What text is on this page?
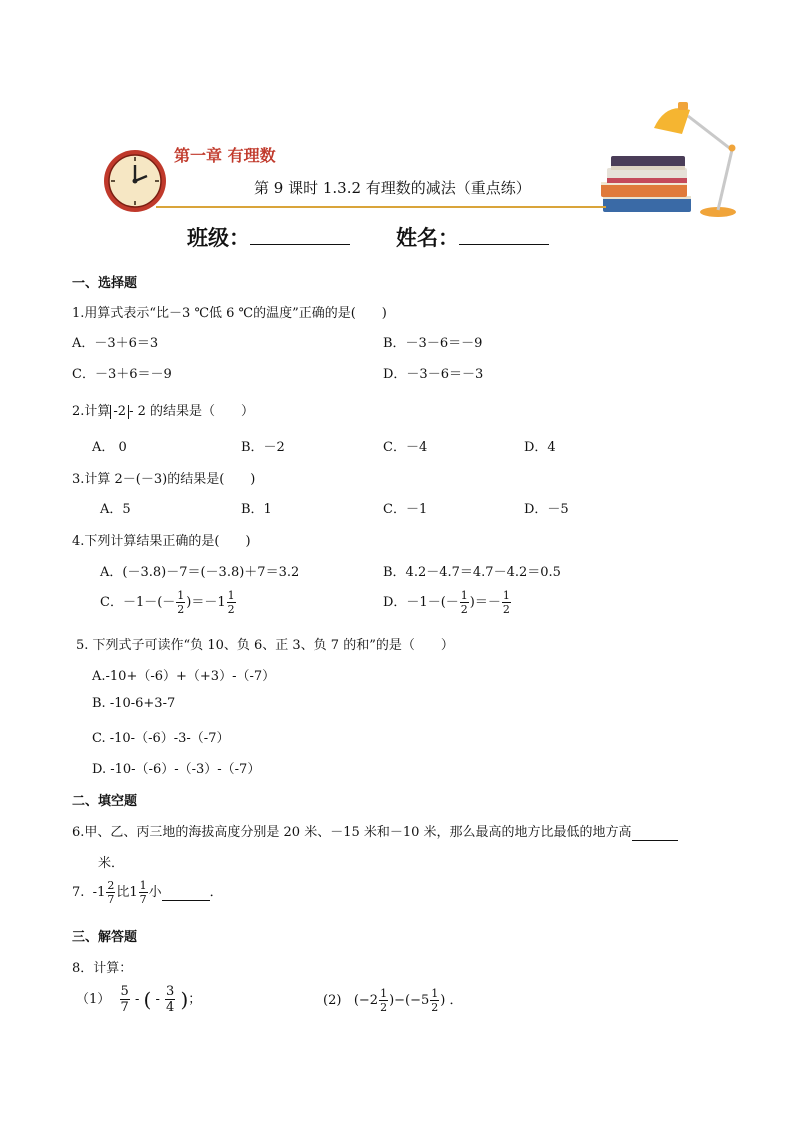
第一章 有理数
第 9 课时 1.3.2 有理数的减法（重点练）
班级：	姓名：
一、选择题
1.用算式表示“比－3 ℃低 6 ℃的温度”正确的是(　　)
A．－3＋6＝3	B．－3－6＝－9
C．－3＋6＝－9	D．－3－6＝－3
2.计算 -2 - 2 的结果是（　　）
A． 0	B．－2	C．－4	D．4
3.计算 2－(－3)的结果是(　　)
A．5	B．1	C．－1	D．－5
4.下列计算结果正确的是(　　)
A．(－3.8)－7＝(－3.8)＋7＝3.2	B．4.2－4.7＝4.7－4.2＝0.5
C．$-1-(- \frac{1}{2} )=-1 \frac{1}{2}$	D．$-1-(- \frac{1}{2}$ )＝－ $\frac{1}{2}$
5. 下列式子可读作“负 10、负 6、正 3、负 7 的和”的是（　　）
A.-10+（-6）+（+3）-（-7）
B. -10-6+3-7
C. -10-（-6）-3-（-7）
D. -10-（-6）-（-3）-（-7）
二、填空题
6.甲、乙、丙三地的海拔高度分别是 20 米、－15 米和－10 米，那么最高的地方比最低的地方高
米．
7. $-1 \frac{2}{7}$ 比$1 \frac{1}{7}$ 小	．
三、解答题
8．计算：
$(1) \frac{5}{7}$ - ( - $\frac{3}{4}$ )；	(2) $(-2 \frac{1}{2} )-(-5 \frac{1}{2}$ ) ．
